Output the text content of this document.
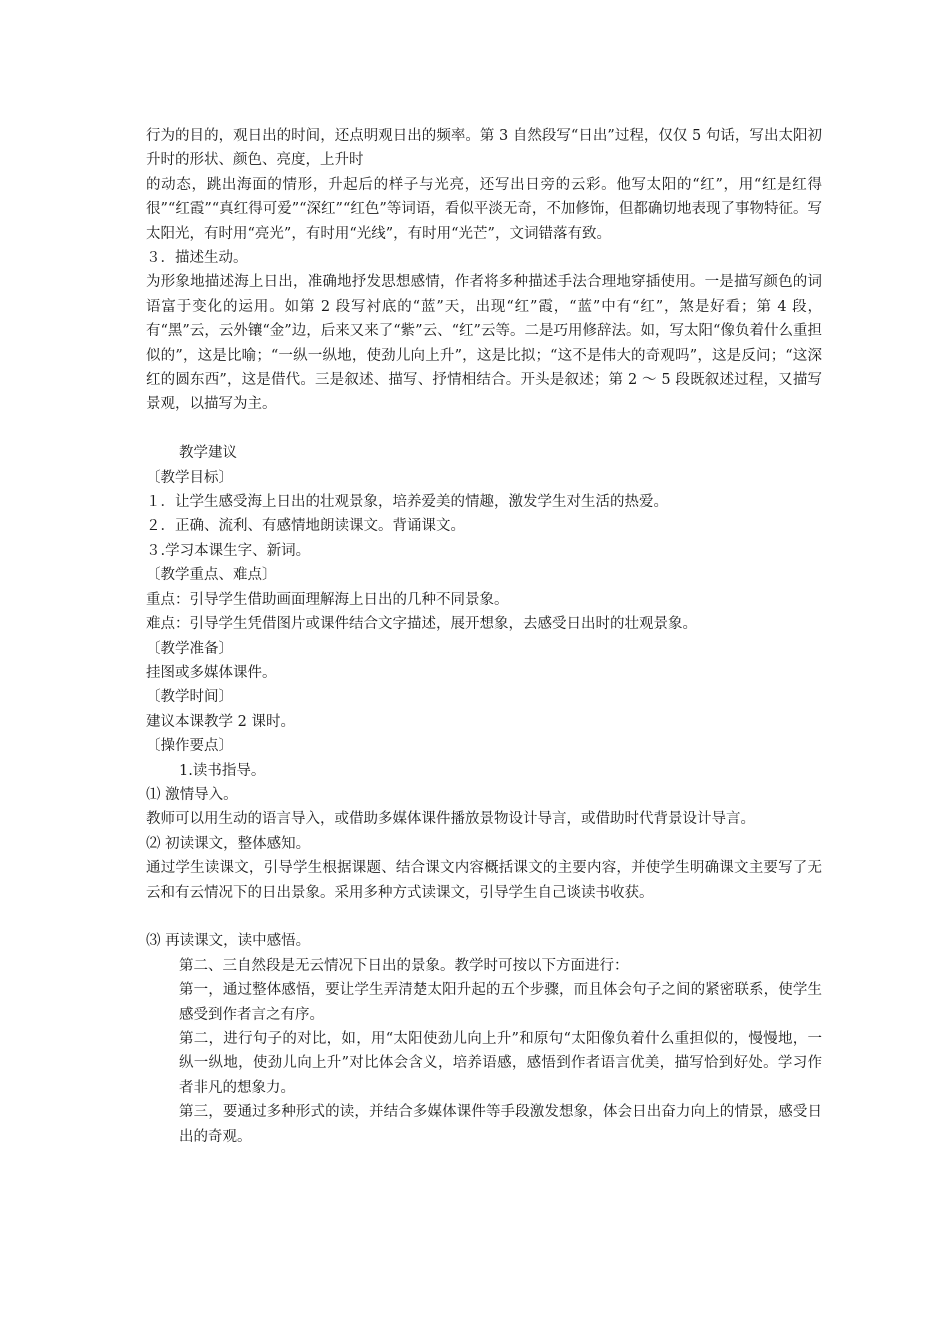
行为的目的，观日出的时间，还点明观日出的频率。第 3 自然段写“日出”过程，仅仅 5 句话，写出太阳初升时的形状、颜色、亮度，上升时
的动态，跳出海面的情形，升起后的样子与光亮，还写出日旁的云彩。他写太阳的“红”，用“红是红得很”“红霞”“真红得可爱”“深红”“红色”等词语，看似平淡无奇，不加修饰，但都确切地表现了事物特征。写太阳光，有时用“亮光”，有时用“光线”，有时用“光芒”，文词错落有致。
３．描述生动。
为形象地描述海上日出，准确地抒发思想感情，作者将多种描述手法合理地穿插使用。一是描写颜色的词语富于变化的运用。如第 2 段写衬底的“蓝”天，出现“红”霞，“蓝”中有“红”，煞是好看；第 4 段，有“黑”云，云外镶“金”边，后来又来了“紫”云、“红”云等。二是巧用修辞法。如，写太阳“像负着什么重担似的”，这是比喻；“一纵一纵地，使劲儿向上升”，这是比拟；“这不是伟大的奇观吗”，这是反问；“这深红的圆东西”，这是借代。三是叙述、描写、抒情相结合。开头是叙述；第 2 ～ 5 段既叙述过程，又描写景观，以描写为主。
教学建议
〔教学目标〕
１．让学生感受海上日出的壮观景象，培养爱美的情趣，激发学生对生活的热爱。
２．正确、流利、有感情地朗读课文。背诵课文。
３.学习本课生字、新词。
〔教学重点、难点〕
重点：引导学生借助画面理解海上日出的几种不同景象。
难点：引导学生凭借图片或课件结合文字描述，展开想象，去感受日出时的壮观景象。
〔教学准备〕
挂图或多媒体课件。
〔教学时间〕
建议本课教学 2 课时。
〔操作要点〕
1.读书指导。
⑴ 激情导入。
教师可以用生动的语言导入，或借助多媒体课件播放景物设计导言，或借助时代背景设计导言。
⑵ 初读课文，整体感知。
通过学生读课文，引导学生根据课题、结合课文内容概括课文的主要内容，并使学生明确课文主要写了无云和有云情况下的日出景象。采用多种方式读课文，引导学生自己谈读书收获。
⑶ 再读课文，读中感悟。
第二、三自然段是无云情况下日出的景象。教学时可按以下方面进行：
第一，通过整体感悟，要让学生弄清楚太阳升起的五个步骤，而且体会句子之间的紧密联系，使学生感受到作者言之有序。
第二，进行句子的对比，如，用“太阳使劲儿向上升”和原句“太阳像负着什么重担似的，慢慢地，一纵一纵地，使劲儿向上升”对比体会含义，培养语感，感悟到作者语言优美，描写恰到好处。学习作者非凡的想象力。
第三，要通过多种形式的读，并结合多媒体课件等手段激发想象，体会日出奋力向上的情景，感受日出的奇观。
